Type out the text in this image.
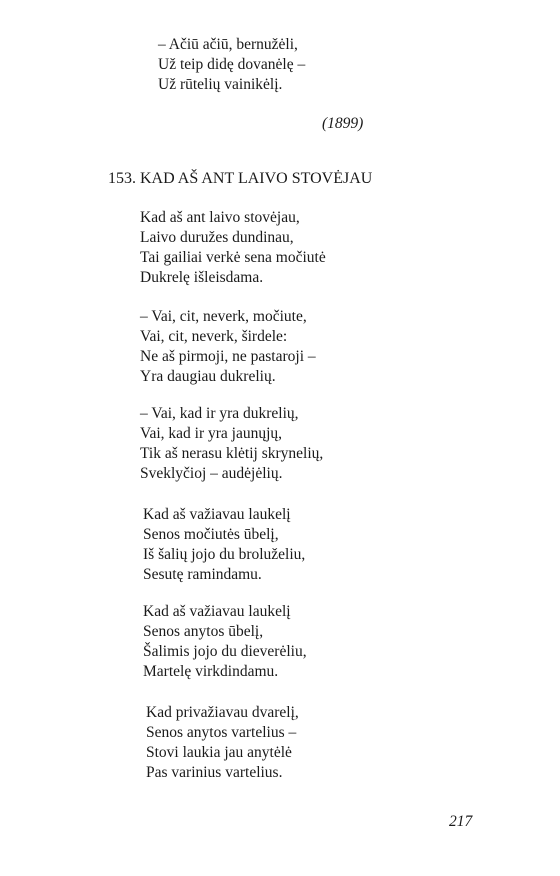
– Ačiū ačiū, bernužėli,
Už teip didę dovanėlę –
Už rūtelių vainikėlį.
(1899)
153. KAD AŠ ANT LAIVO STOVĖJAU
Kad aš ant laivo stovėjau,
Laivo duružes dundinau,
Tai gailiai verkė sena močiutė
Dukrelę išleisdama.
– Vai, cit, neverk, močiute,
Vai, cit, neverk, širdele:
Ne aš pirmoji, ne pastaroji –
Yra daugiau dukrelių.
– Vai, kad ir yra dukrelių,
Vai, kad ir yra jaunųjų,
Tik aš nerasu klėtij skrynelių,
Sveklyčioj – audėjėlių.
Kad aš važiavau laukelį
Senos močiutės ūbelį,
Iš šalių jojo du broluželiu,
Sesutę ramindamu.
Kad aš važiavau laukelį
Senos anytos ūbelį,
Šalimis jojo du dieverėliu,
Martelę virkdindamu.
Kad privažiavau dvarelį,
Senos anytos vartelius –
Stovi laukia jau anytėlė
Pas varinius vartelius.
217
